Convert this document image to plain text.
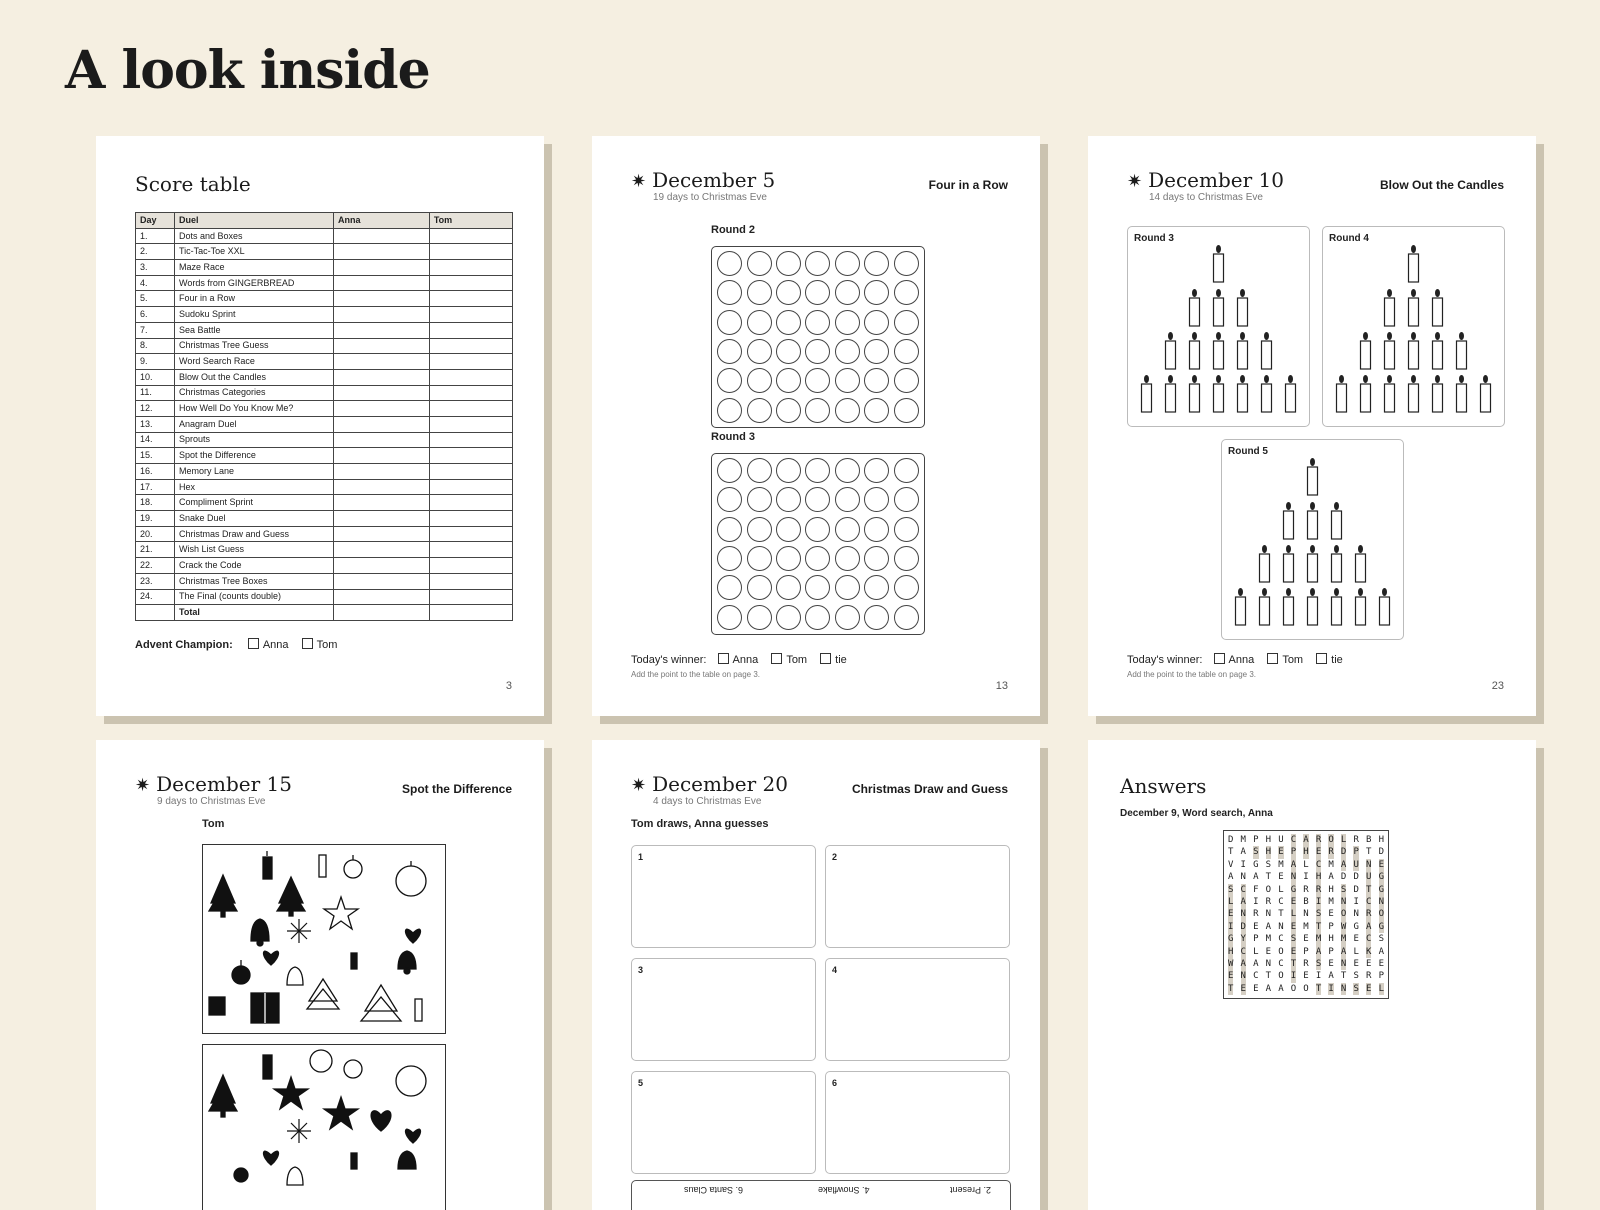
A look inside
Score table
Day	Duel	Anna	Tom
1.	Dots and Boxes		
2.	Tic-Tac-Toe XXL		
3.	Maze Race		
4.	Words from GINGERBREAD		
5.	Four in a Row		
6.	Sudoku Sprint		
7.	Sea Battle		
8.	Christmas Tree Guess		
9.	Word Search Race		
10.	Blow Out the Candles		
11.	Christmas Categories		
12.	How Well Do You Know Me?		
13.	Anagram Duel		
14.	Sprouts		
15.	Spot the Difference		
16.	Memory Lane		
17.	Hex		
18.	Compliment Sprint		
19.	Snake Duel		
20.	Christmas Draw and Guess		
21.	Wish List Guess		
22.	Crack the Code		
23.	Christmas Tree Boxes		
24.	The Final (counts double)		
	Total		
Advent Champion:	Anna	Tom
3
✷ December 5
19 days to Christmas Eve
Four in a Row
Round 2
Round 3
Today's winner: Anna	Tom	tie
Add the point to the table on page 3.
13
✷ December 10
14 days to Christmas Eve
Blow Out the Candles
Round 3	Round 4
Round 5
Today's winner: Anna	Tom	tie
Add the point to the table on page 3.
23
✷ December 15
9 days to Christmas Eve
Spot the Difference
Tom
✷ December 20
4 days to Christmas Eve
Christmas Draw and Guess
Tom draws, Anna guesses
1	2
3	4
5	6
2. Present
4. Snowflake
6. Santa Claus
Answers
December 9, Word search, Anna
D M P H U C A R O L R B H
T A S H E P H E R D P T D
V I G S M A L C M A U N E
A N A T E N I H A D D U G
S C F O L G R R H S D T G
L A I R C E B I M N I C N
E N R N T L N S E O N R O
I D E A N E M T P W G A G
G Y P M C S E M H M E C S
H C L E O E P A P A L K A
W A A N C T R S E N E E E
E N C T O I E I A T S R P
T E E A A O O T I N S E L
